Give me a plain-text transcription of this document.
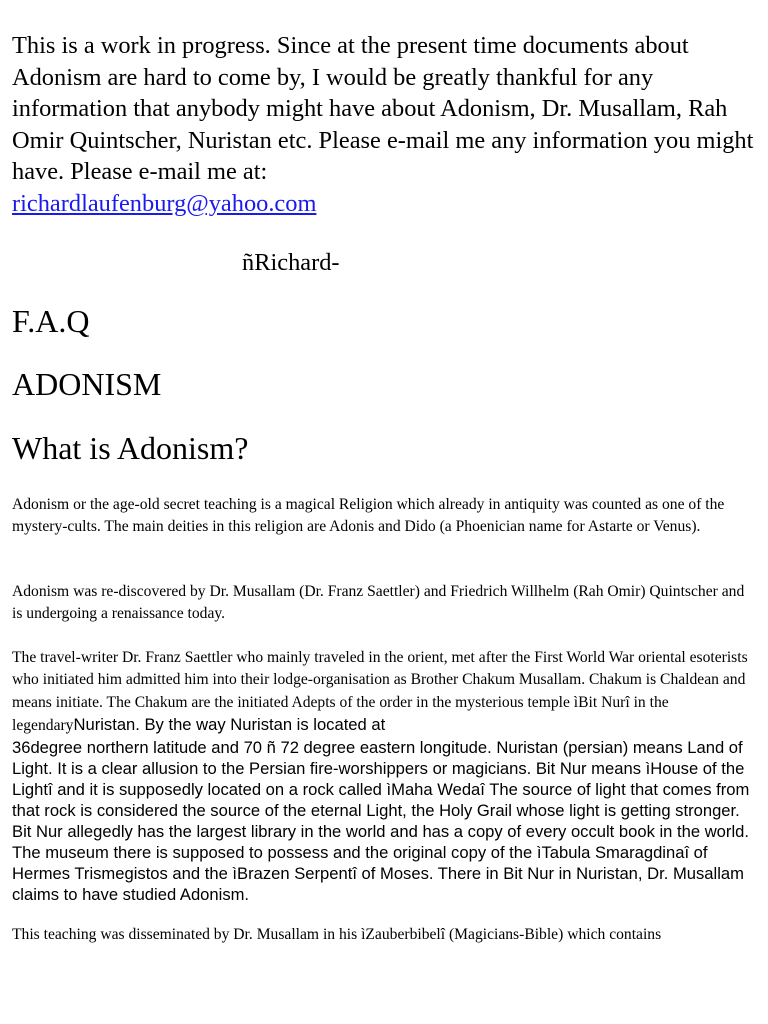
This is a work in progress. Since at the present time documents about Adonism are hard to come by, I would be greatly thankful for any information that anybody might have about Adonism, Dr. Musallam, Rah Omir Quintscher, Nuristan etc. Please e-mail me any information you might have. Please e-mail me at:
richardlaufenburg@yahoo.com
ñRichard-
F.A.Q
ADONISM
What is Adonism?

Adonism or the age-old secret teaching is a magical Religion which already in antiquity was counted as one of the mystery-cults. The main deities in this religion are Adonis and Dido (a Phoenician name for Astarte or Venus).

Adonism was re-discovered by Dr. Musallam (Dr. Franz Saettler) and Friedrich Willhelm (Rah Omir) Quintscher and is undergoing a renaissance today.

The travel-writer Dr. Franz Saettler who mainly traveled in the orient, met after the First World War oriental esoterists who initiated him admitted him into their lodge-organisation as Brother Chakum Musallam. Chakum is Chaldean and means initiate. The Chakum are the initiated Adepts of the order in the mysterious temple ìBit Nurî in the legendaryNuristan. By the way Nuristan is located at
36degree northern latitude and 70 ñ 72 degree eastern longitude. Nuristan (persian) means Land of Light. It is a clear allusion to the Persian fire-worshippers or magicians. Bit Nur means ìHouse of the Lightî and it is supposedly located on a rock called ìMaha Wedaî The source of light that comes from that rock is considered the source of the eternal Light, the Holy Grail whose light is getting stronger. Bit Nur allegedly has the largest library in the world and has a copy of every occult book in the world. The museum there is supposed to possess and the original copy of the ìTabula Smaragdinaî of Hermes Trismegistos and the ìBrazen Serpentî of Moses. There in Bit Nur in Nuristan, Dr. Musallam claims to have studied Adonism.

This teaching was disseminated by Dr. Musallam in his ìZauberbibelî (Magicians-Bible) which contains
